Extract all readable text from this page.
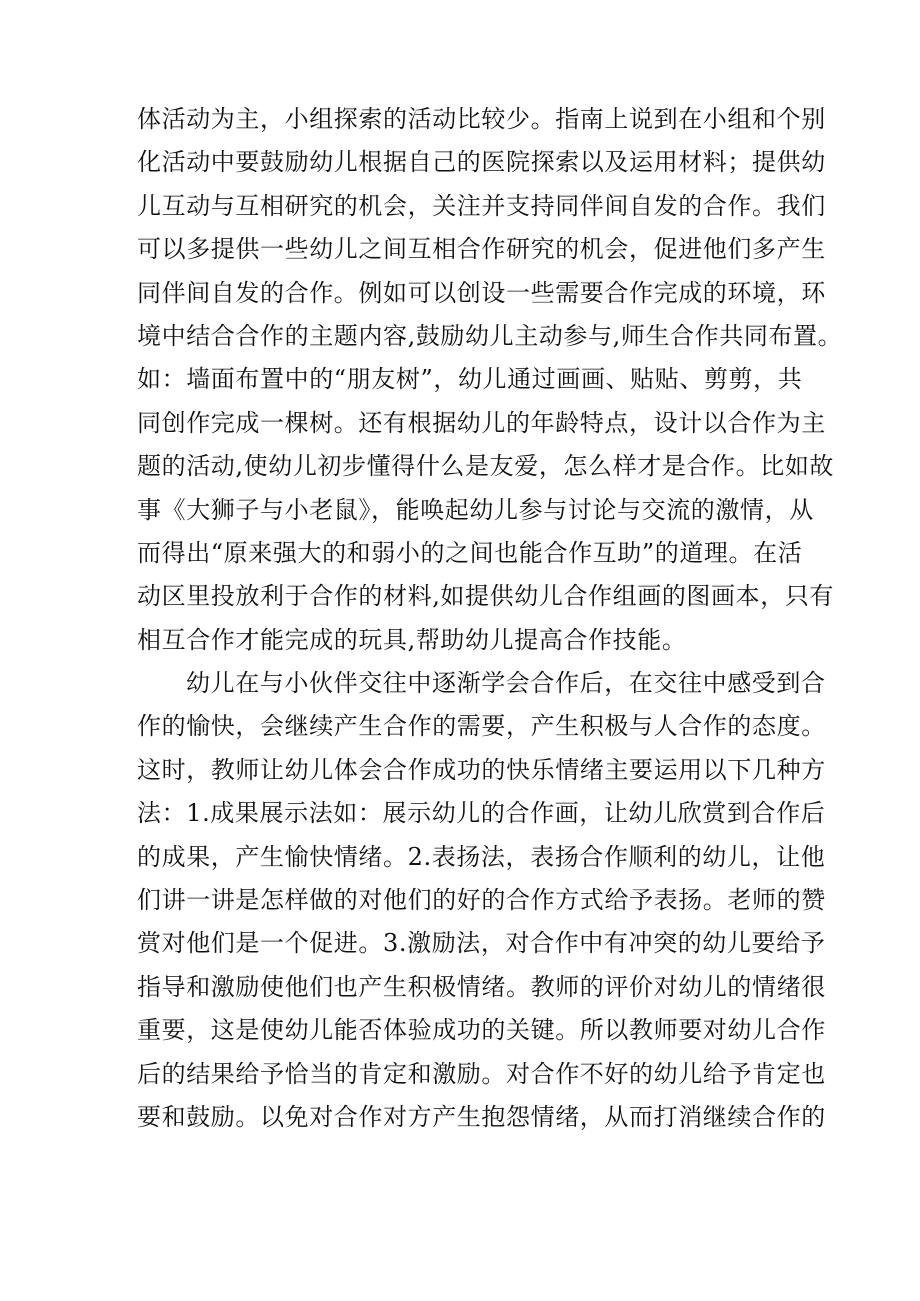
体活动为主，小组探索的活动比较少。指南上说到在小组和个别
化活动中要鼓励幼儿根据自己的医院探索以及运用材料；提供幼
儿互动与互相研究的机会，关注并支持同伴间自发的合作。我们
可以多提供一些幼儿之间互相合作研究的机会，促进他们多产生
同伴间自发的合作。例如可以创设一些需要合作完成的环境，环
境中结合合作的主题内容,鼓励幼儿主动参与,师生合作共同布置。
如：墙面布置中的“朋友树”，幼儿通过画画、贴贴、剪剪，共
同创作完成一棵树。还有根据幼儿的年龄特点，设计以合作为主
题的活动,使幼儿初步懂得什么是友爱，怎么样才是合作。比如故
事《大狮子与小老鼠》，能唤起幼儿参与讨论与交流的激情，从
而得出“原来强大的和弱小的之间也能合作互助”的道理。在活
动区里投放利于合作的材料,如提供幼儿合作组画的图画本，只有
相互合作才能完成的玩具,帮助幼儿提高合作技能。
幼儿在与小伙伴交往中逐渐学会合作后，在交往中感受到合
作的愉快，会继续产生合作的需要，产生积极与人合作的态度。
这时，教师让幼儿体会合作成功的快乐情绪主要运用以下几种方
法：1.成果展示法如：展示幼儿的合作画，让幼儿欣赏到合作后
的成果，产生愉快情绪。2.表扬法，表扬合作顺利的幼儿，让他
们讲一讲是怎样做的对他们的好的合作方式给予表扬。老师的赞
赏对他们是一个促进。3.激励法，对合作中有冲突的幼儿要给予
指导和激励使他们也产生积极情绪。教师的评价对幼儿的情绪很
重要，这是使幼儿能否体验成功的关键。所以教师要对幼儿合作
后的结果给予恰当的肯定和激励。对合作不好的幼儿给予肯定也
要和鼓励。以免对合作对方产生抱怨情绪，从而打消继续合作的
